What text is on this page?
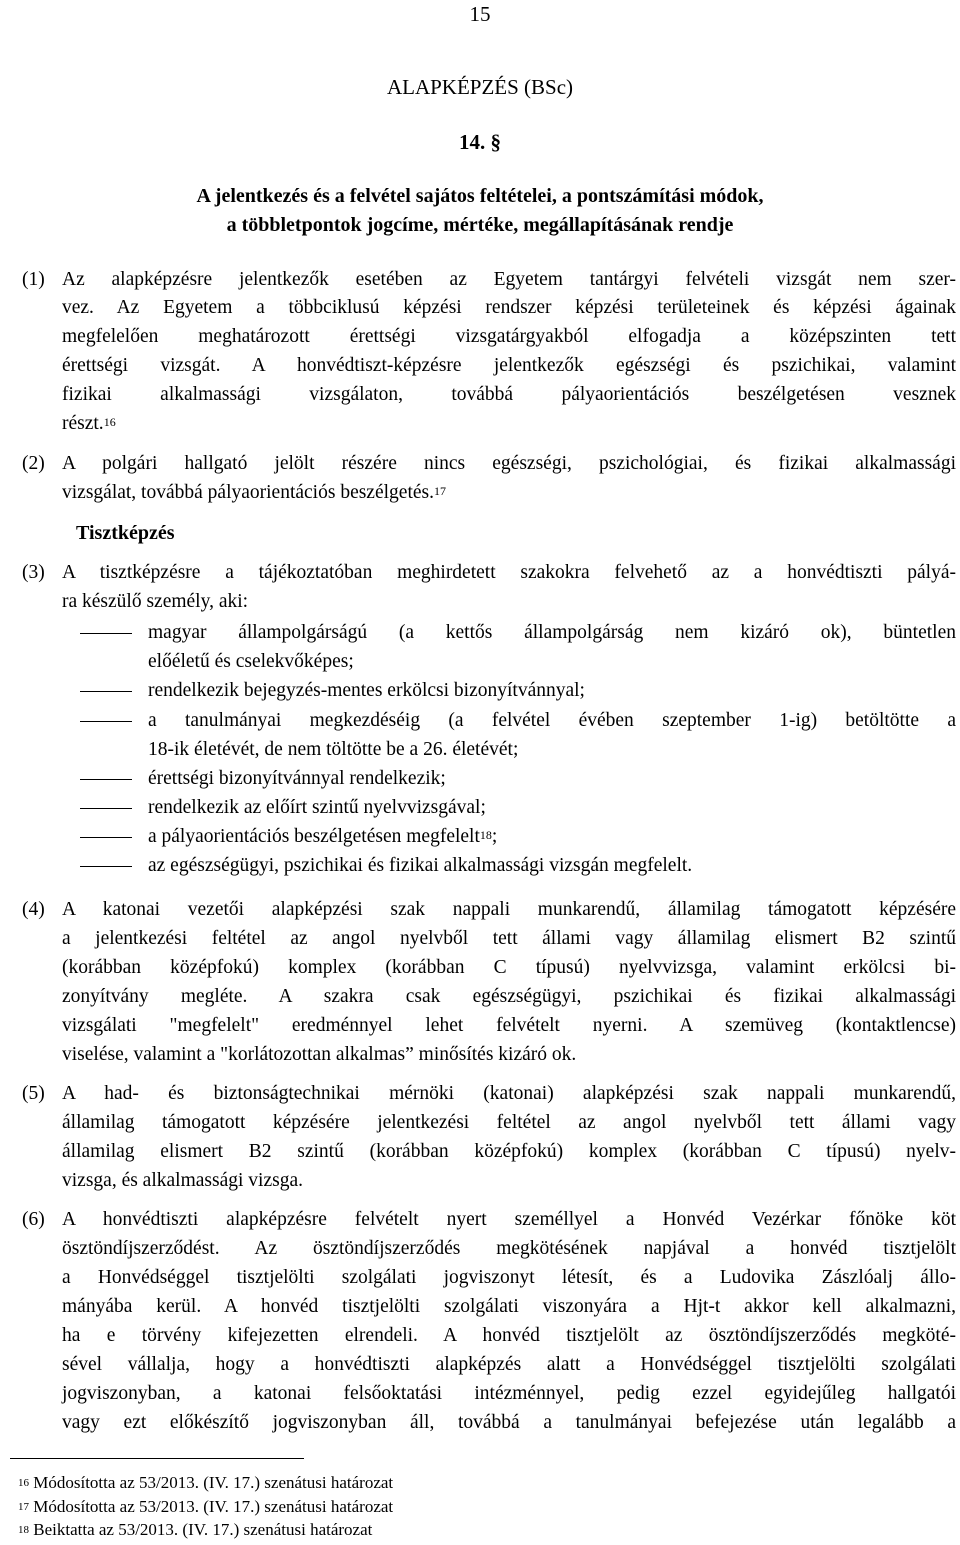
15
ALAPKÉPZÉS (BSc)
14. §
A jelentkezés és a felvétel sajátos feltételei, a pontszámítási módok,
a többletpontok jogcíme, mértéke, megállapításának rendje
(1) Az alapképzésre jelentkezők esetében az Egyetem tantárgyi felvételi vizsgát nem szer-
vez. Az Egyetem a többciklusú képzési rendszer képzési területeinek és képzési ágainak
megfelelően meghatározott érettségi vizsgatárgyakból elfogadja a középszinten tett
érettségi vizsgát. A honvédtiszt-képzésre jelentkezők egészségi és pszichikai, valamint
fizikai alkalmassági vizsgálaton, továbbá pályaorientációs beszélgetésen vesznek
részt.$^{16}$
(2) A polgári hallgató jelölt részére nincs egészségi, pszichológiai, és fizikai alkalmassági
vizsgálat, továbbá pályaorientációs beszélgetés.$^{17}$
Tisztképzés
(3) A tisztképzésre a tájékoztatóban meghirdetett szakokra felvehető az a honvédtiszti pályá-
ra készülő személy, aki:
magyar állampolgárságú (a kettős állampolgárság nem kizáró ok), büntetlen
előéletű és cselekvőképes;
rendelkezik bejegyzés-mentes erkölcsi bizonyítvánnyal;
a tanulmányai megkezdéséig (a felvétel évében szeptember 1-ig) betöltötte a
18-ik életévét, de nem töltötte be a 26. életévét;
érettségi bizonyítvánnyal rendelkezik;
rendelkezik az előírt szintű nyelvvizsgával;
a pályaorientációs beszélgetésen megfelelt$^{18}$;
az egészségügyi, pszichikai és fizikai alkalmassági vizsgán megfelelt.
(4) A katonai vezetői alapképzési szak nappali munkarendű, államilag támogatott képzésére
a jelentkezési feltétel az angol nyelvből tett állami vagy államilag elismert B2 szintű
(korábban középfokú) komplex (korábban C típusú) nyelvvizsga, valamint erkölcsi bi-
zonyítvány megléte. A szakra csak egészségügyi, pszichikai és fizikai alkalmassági
vizsgálati "megfelelt" eredménnyel lehet felvételt nyerni. A szemüveg (kontaktlencse)
viselése, valamint a "korlátozottan alkalmas” minősítés kizáró ok.
(5) A had- és biztonságtechnikai mérnöki (katonai) alapképzési szak nappali munkarendű,
államilag támogatott képzésére jelentkezési feltétel az angol nyelvből tett állami vagy
államilag elismert B2 szintű (korábban középfokú) komplex (korábban C típusú) nyelv-
vizsga, és alkalmassági vizsga.
(6) A honvédtiszti alapképzésre felvételt nyert személlyel a Honvéd Vezérkar főnöke köt
ösztöndíjszerződést. Az ösztöndíjszerződés megkötésének napjával a honvéd tisztjelölt
a Honvédséggel tisztjelölti szolgálati jogviszonyt létesít, és a Ludovika Zászlóalj állo-
mányába kerül. A honvéd tisztjelölti szolgálati viszonyára a Hjt-t akkor kell alkalmazni,
ha e törvény kifejezetten elrendeli. A honvéd tisztjelölt az ösztöndíjszerződés megköté-
sével vállalja, hogy a honvédtiszti alapképzés alatt a Honvédséggel tisztjelölti szolgálati
jogviszonyban, a katonai felsőoktatási intézménnyel, pedig ezzel egyidejűleg hallgatói
vagy ezt előkészítő jogviszonyban áll, továbbá a tanulmányai befejezése után legalább a
$^{16}$ Módosította az 53/2013. (IV. 17.) szenátusi határozat
$^{17}$ Módosította az 53/2013. (IV. 17.) szenátusi határozat
$^{18}$ Beiktatta az 53/2013. (IV. 17.) szenátusi határozat
